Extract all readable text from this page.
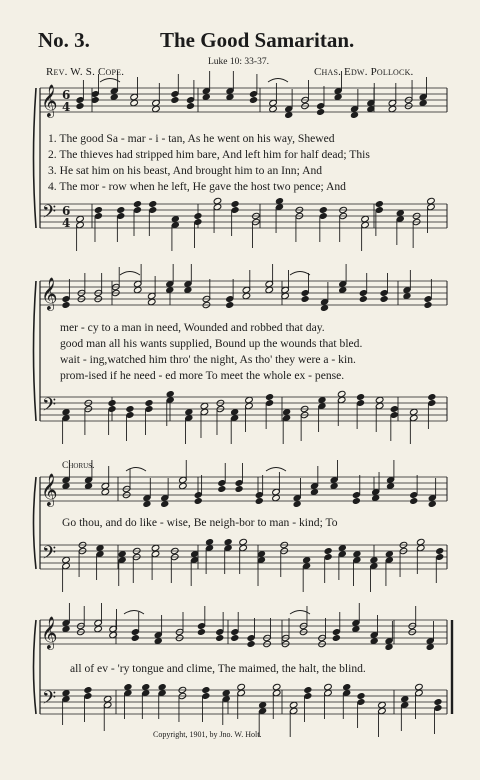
No. 3.	The Good Samaritan.
Luke 10: 33-37.
Rev. W. S. Cope.	Chas. Edw. Pollock.
𝄞
𝄢
6
4
6
4
𝄞
𝄢
𝄞
𝄢
𝄞
𝄢
1. The good Sa - mar - i - tan, As he went on his way, Shewed
2. The thieves had stripped him bare, And left him for half dead; This
3. He sat him on his beast, And brought him to an Inn; And
4. The mor - row when he left, He gave the host two pence; And
mer - cy to a man in need, Wounded and robbed that day.
good man all his wants supplied, Bound up the wounds that bled.
wait - ing,watched him thro' the night, As tho' they were a - kin.
prom-ised if he need - ed more To meet the whole ex - pense.
Chorus.
Go thou, and do like - wise, Be neigh-bor to man - kind; To
all of ev - 'ry tongue and clime, The maimed, the halt, the blind.
Copyright, 1901, by Jno. W. Holt.
